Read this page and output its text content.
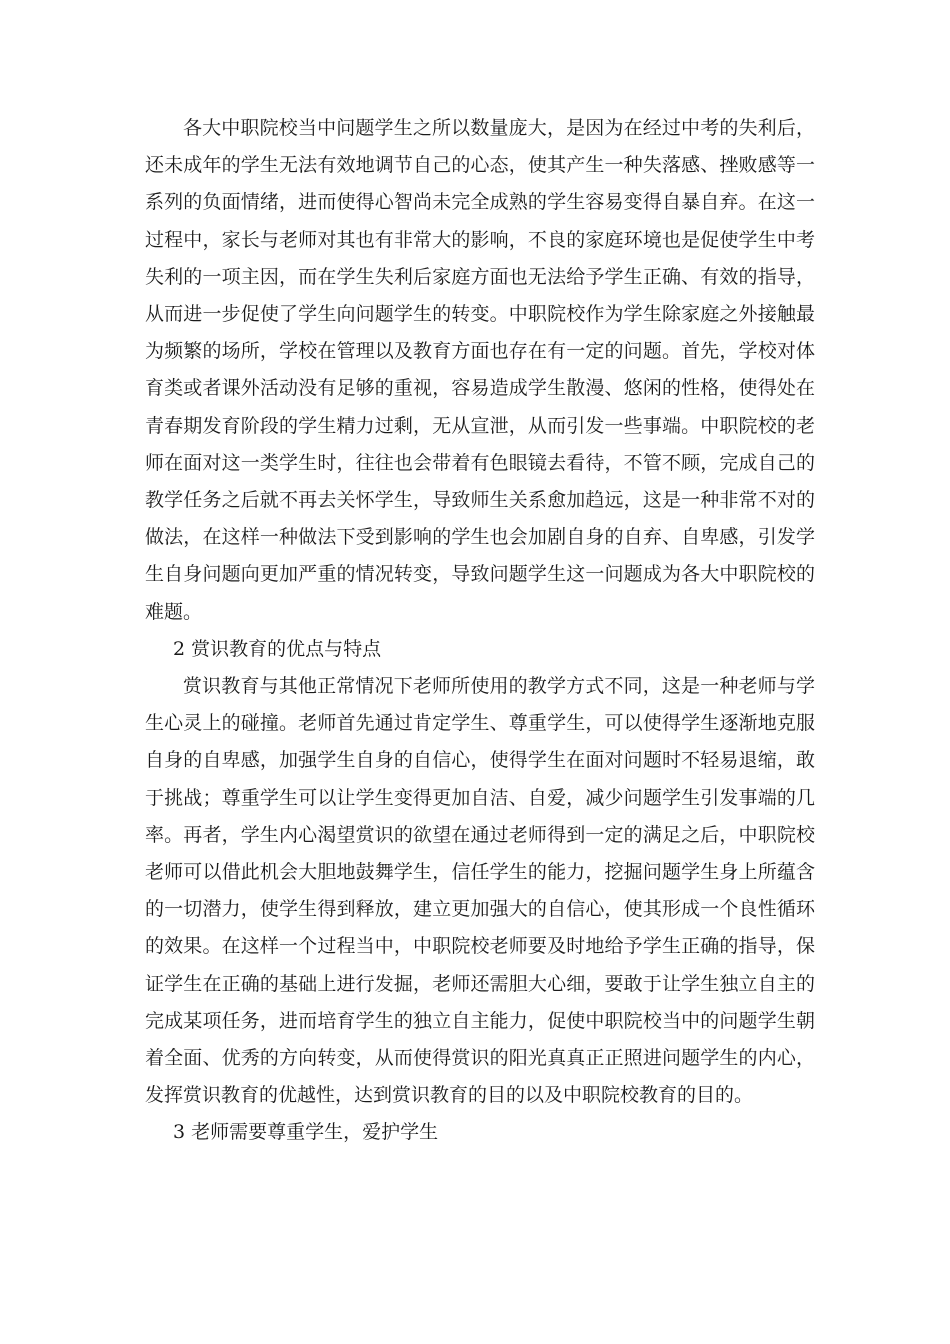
各大中职院校当中问题学生之所以数量庞大，是因为在经过中考的失利后，还未成年的学生无法有效地调节自己的心态，使其产生一种失落感、挫败感等一系列的负面情绪，进而使得心智尚未完全成熟的学生容易变得自暴自弃。在这一过程中，家长与老师对其也有非常大的影响，不良的家庭环境也是促使学生中考失利的一项主因，而在学生失利后家庭方面也无法给予学生正确、有效的指导，从而进一步促使了学生向问题学生的转变。中职院校作为学生除家庭之外接触最为频繁的场所，学校在管理以及教育方面也存在有一定的问题。首先，学校对体育类或者课外活动没有足够的重视，容易造成学生散漫、悠闲的性格，使得处在青春期发育阶段的学生精力过剩，无从宣泄，从而引发一些事端。中职院校的老师在面对这一类学生时，往往也会带着有色眼镜去看待，不管不顾，完成自己的教学任务之后就不再去关怀学生，导致师生关系愈加趋远，这是一种非常不对的做法，在这样一种做法下受到影响的学生也会加剧自身的自弃、自卑感，引发学生自身问题向更加严重的情况转变，导致问题学生这一问题成为各大中职院校的难题。

2 赏识教育的优点与特点

赏识教育与其他正常情况下老师所使用的教学方式不同，这是一种老师与学生心灵上的碰撞。老师首先通过肯定学生、尊重学生，可以使得学生逐渐地克服自身的自卑感，加强学生自身的自信心，使得学生在面对问题时不轻易退缩，敢于挑战；尊重学生可以让学生变得更加自洁、自爱，减少问题学生引发事端的几率。再者，学生内心渴望赏识的欲望在通过老师得到一定的满足之后，中职院校老师可以借此机会大胆地鼓舞学生，信任学生的能力，挖掘问题学生身上所蕴含的一切潜力，使学生得到释放，建立更加强大的自信心，使其形成一个良性循环的效果。在这样一个过程当中，中职院校老师要及时地给予学生正确的指导，保证学生在正确的基础上进行发掘，老师还需胆大心细，要敢于让学生独立自主的完成某项任务，进而培育学生的独立自主能力，促使中职院校当中的问题学生朝着全面、优秀的方向转变，从而使得赏识的阳光真真正正照进问题学生的内心，发挥赏识教育的优越性，达到赏识教育的目的以及中职院校教育的目的。

3 老师需要尊重学生，爱护学生
